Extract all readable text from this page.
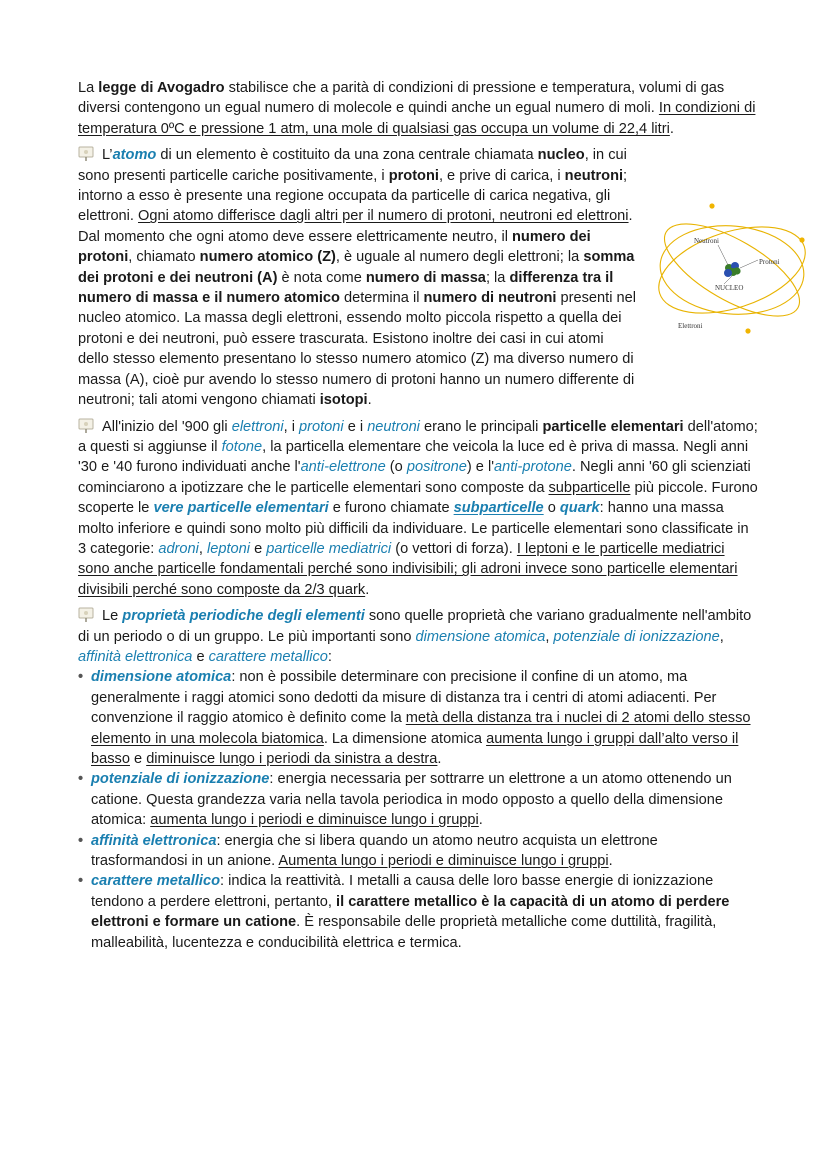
La legge di Avogadro stabilisce che a parità di condizioni di pressione e temperatura, volumi di gas diversi contengono un egual numero di molecole e quindi anche un egual numero di moli. In condizioni di temperatura 0ºC e pressione 1 atm, una mole di qualsiasi gas occupa un volume di 22,4 litri.

L’atomo di un elemento è costituito da una zona centrale chiamata nucleo, in cui sono presenti particelle cariche positivamente, i protoni, e prive di carica, i neutroni; intorno a esso è presente una regione occupata da particelle di carica negativa, gli elettroni. Ogni atomo differisce dagli altri per il numero di protoni, neutroni ed elettroni. Dal momento che ogni atomo deve essere elettricamente neutro, il numero dei protoni, chiamato numero atomico (Z), è uguale al numero degli elettroni; la somma dei protoni e dei neutroni (A) è nota come numero di massa; la differenza tra il numero di massa e il numero atomico determina il numero di neutroni presenti nel nucleo atomico. La massa degli elettroni, essendo molto piccola rispetto a quella dei protoni e dei neutroni, può essere trascurata. Esistono inoltre dei casi in cui atomi dello stesso elemento presentano lo stesso numero atomico (Z) ma diverso numero di massa (A), cioè pur avendo lo stesso numero di protoni hanno un numero differente di neutroni; tali atomi vengono chiamati isotopi.

All'inizio del '900 gli elettroni, i protoni e i neutroni erano le principali particelle elementari dell'atomo; a questi si aggiunse il fotone, la particella elementare che veicola la luce ed è priva di massa. Negli anni '30 e '40 furono individuati anche l'anti-elettrone (o positrone) e l'anti-protone. Negli anni '60 gli scienziati cominciarono a ipotizzare che le particelle elementari sono composte da subparticelle più piccole. Furono scoperte le vere particelle elementari e furono chiamate subparticelle o quark: hanno una massa molto inferiore e quindi sono molto più difficili da individuare. Le particelle elementari sono classificate in 3 categorie: adroni, leptoni e particelle mediatrici (o vettori di forza). I leptoni e le particelle mediatrici sono anche particelle fondamentali perché sono indivisibili; gli adroni invece sono particelle elementari divisibili perché sono composte da 2/3 quark.

Le proprietà periodiche degli elementi sono quelle proprietà che variano gradualmente nell'ambito di un periodo o di un gruppo. Le più importanti sono dimensione atomica, potenziale di ionizzazione, affinità elettronica e carattere metallico:

• dimensione atomica: non è possibile determinare con precisione il confine di un atomo, ma generalmente i raggi atomici sono dedotti da misure di distanza tra i centri di atomi adiacenti. Per convenzione il raggio atomico è definito come la metà della distanza tra i nuclei di 2 atomi dello stesso elemento in una molecola biatomica. La dimensione atomica aumenta lungo i gruppi dall’alto verso il basso e diminuisce lungo i periodi da sinistra a destra.
• potenziale di ionizzazione: energia necessaria per sottrarre un elettrone a un atomo ottenendo un catione. Questa grandezza varia nella tavola periodica in modo opposto a quello della dimensione atomica: aumenta lungo i periodi e diminuisce lungo i gruppi.
• affinità elettronica: energia che si libera quando un atomo neutro acquista un elettrone trasformandosi in un anione. Aumenta lungo i periodi e diminuisce lungo i gruppi.
• carattere metallico: indica la reattività. I metalli a causa delle loro basse energie di ionizzazione tendono a perdere elettroni, pertanto, il carattere metallico è la capacità di un atomo di perdere elettroni e formare un catione. È responsabile delle proprietà metalliche come duttilità, fragilità, malleabilità, lucentezza e conducibilità elettrica e termica.
Neutroni
Protoni
NUCLEO
Elettroni
